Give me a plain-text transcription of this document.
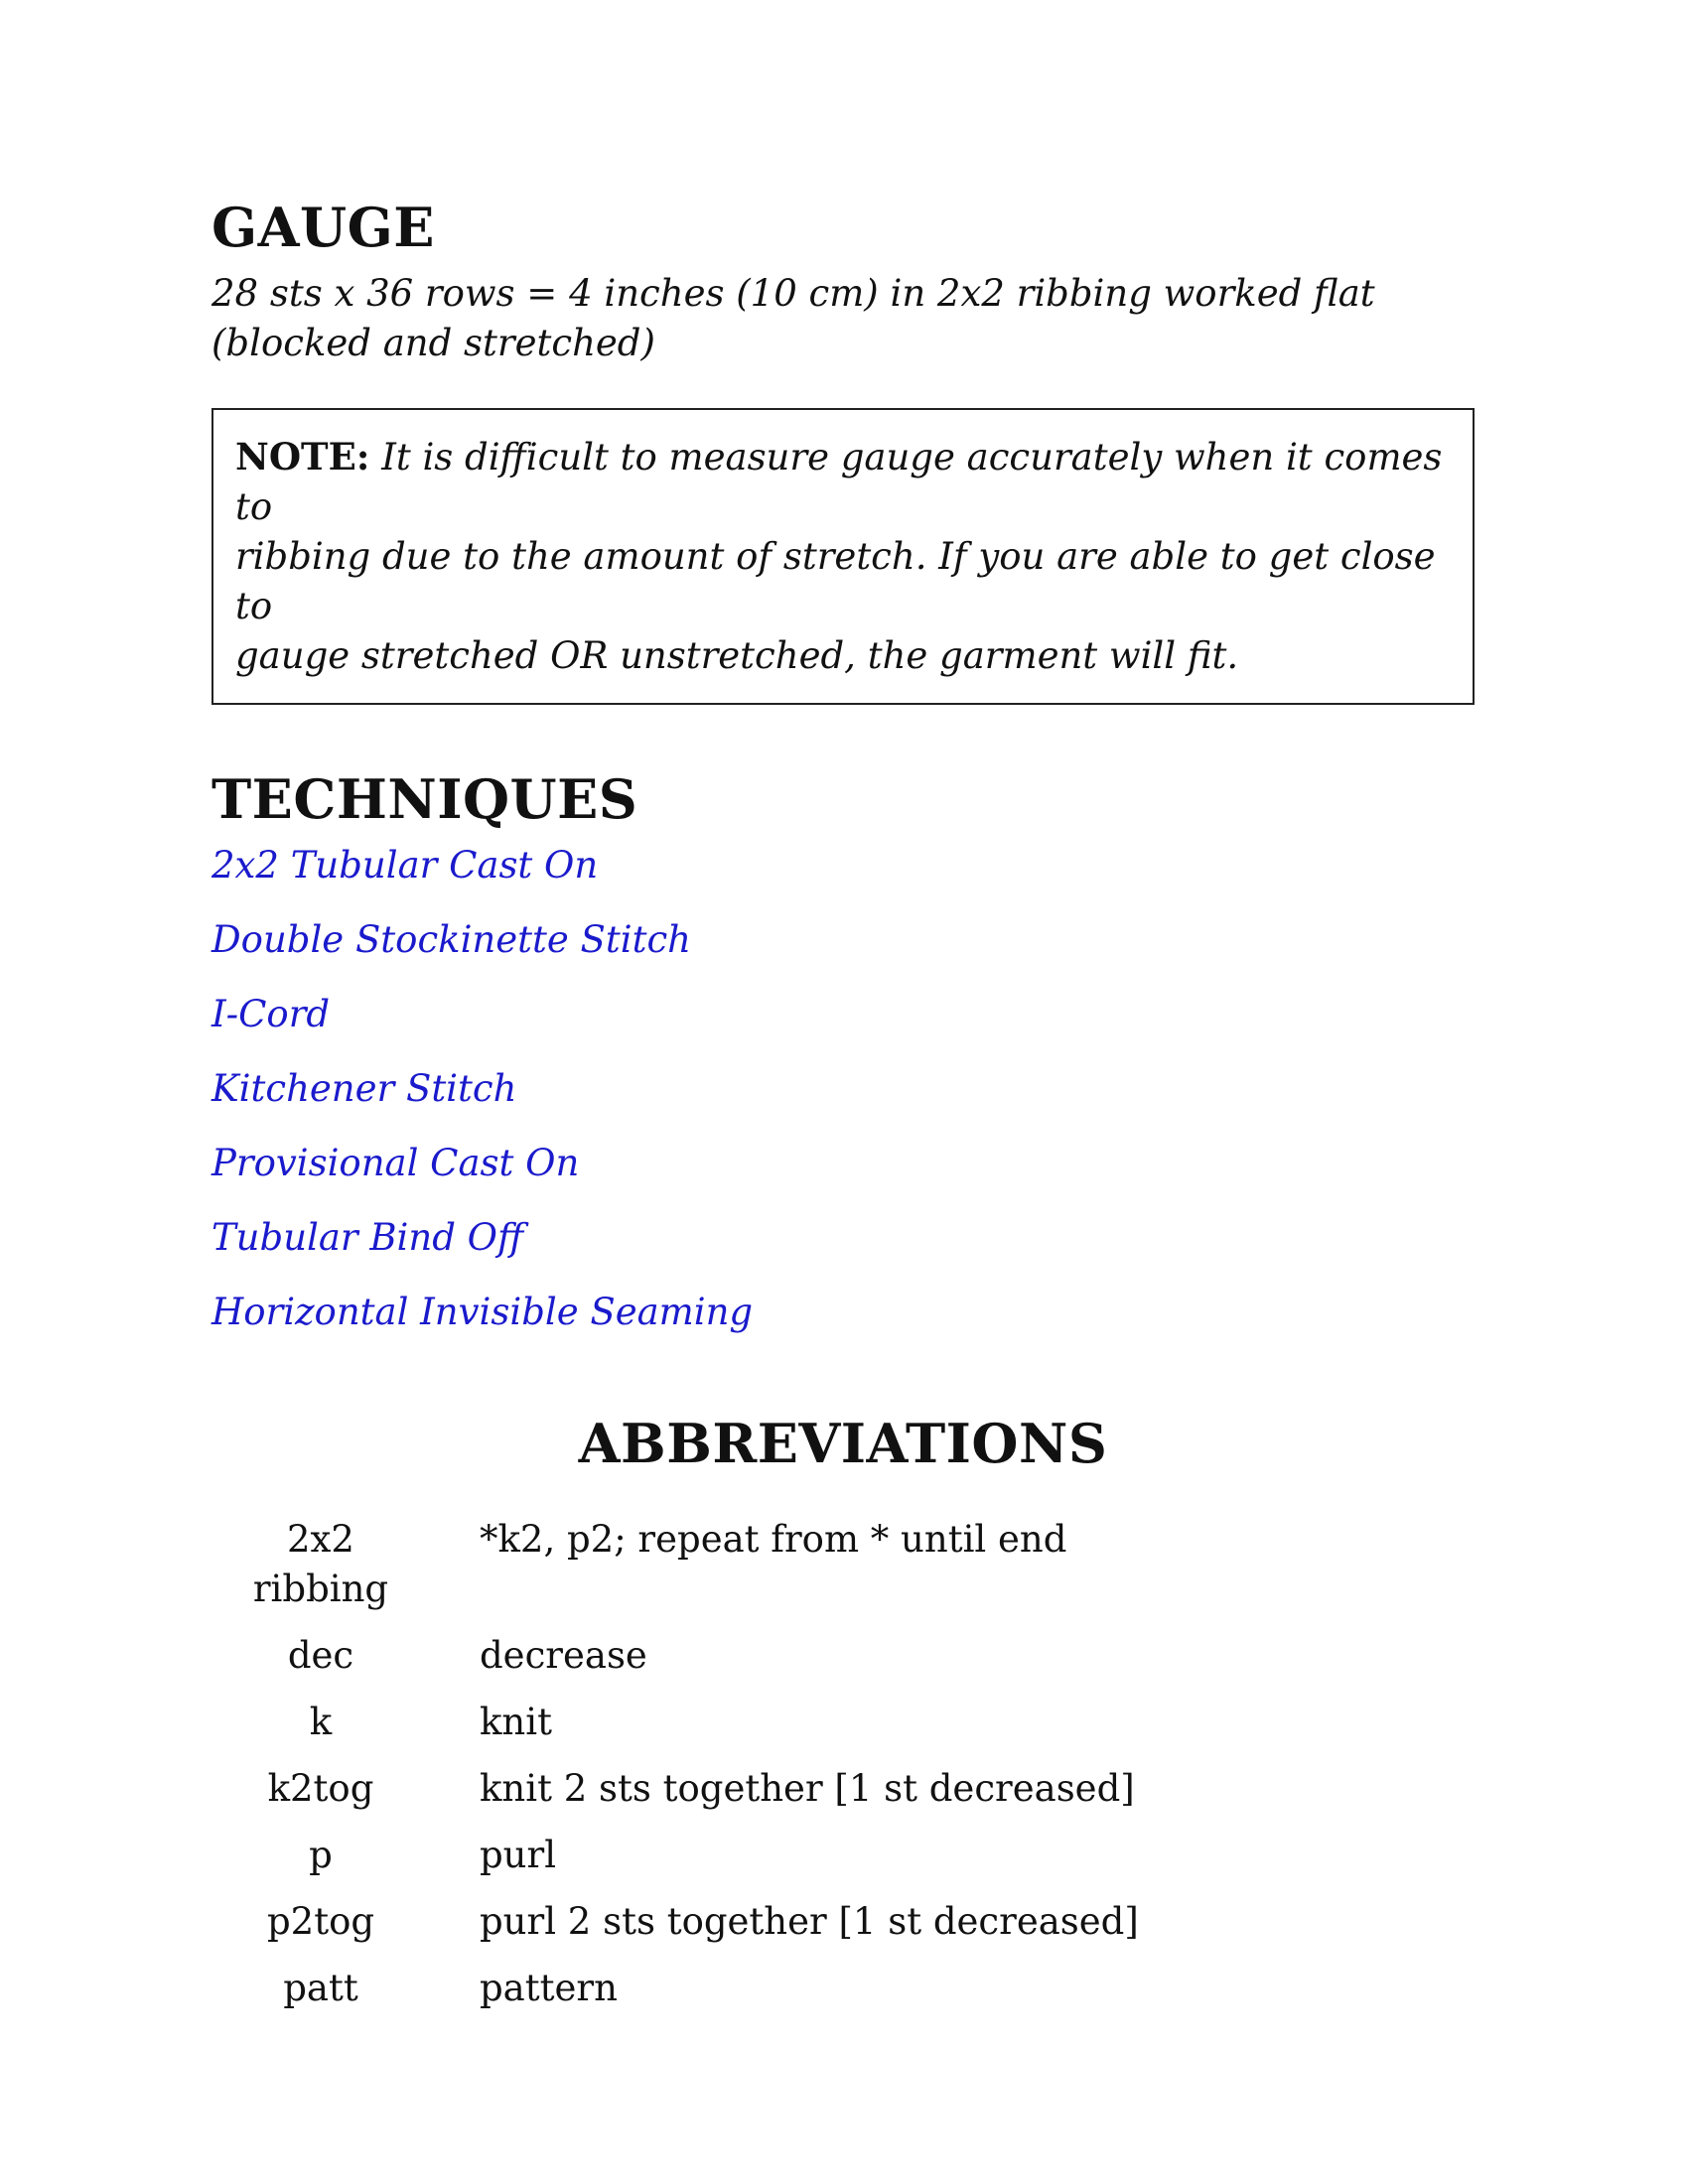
GAUGE
28 sts x 36 rows = 4 inches (10 cm) in 2x2 ribbing worked flat
(blocked and stretched)
NOTE: It is difficult to measure gauge accurately when it comes to
ribbing due to the amount of stretch. If you are able to get close to
gauge stretched OR unstretched, the garment will fit.
TECHNIQUES
2x2 Tubular Cast On
Double Stockinette Stitch
I-Cord
Kitchener Stitch
Provisional Cast On
Tubular Bind Off
Horizontal Invisible Seaming
ABBREVIATIONS
2x2
ribbing	*k2, p2; repeat from * until end
dec	decrease
k	knit
k2tog	knit 2 sts together [1 st decreased]
p	purl
p2tog	purl 2 sts together [1 st decreased]
patt	pattern
